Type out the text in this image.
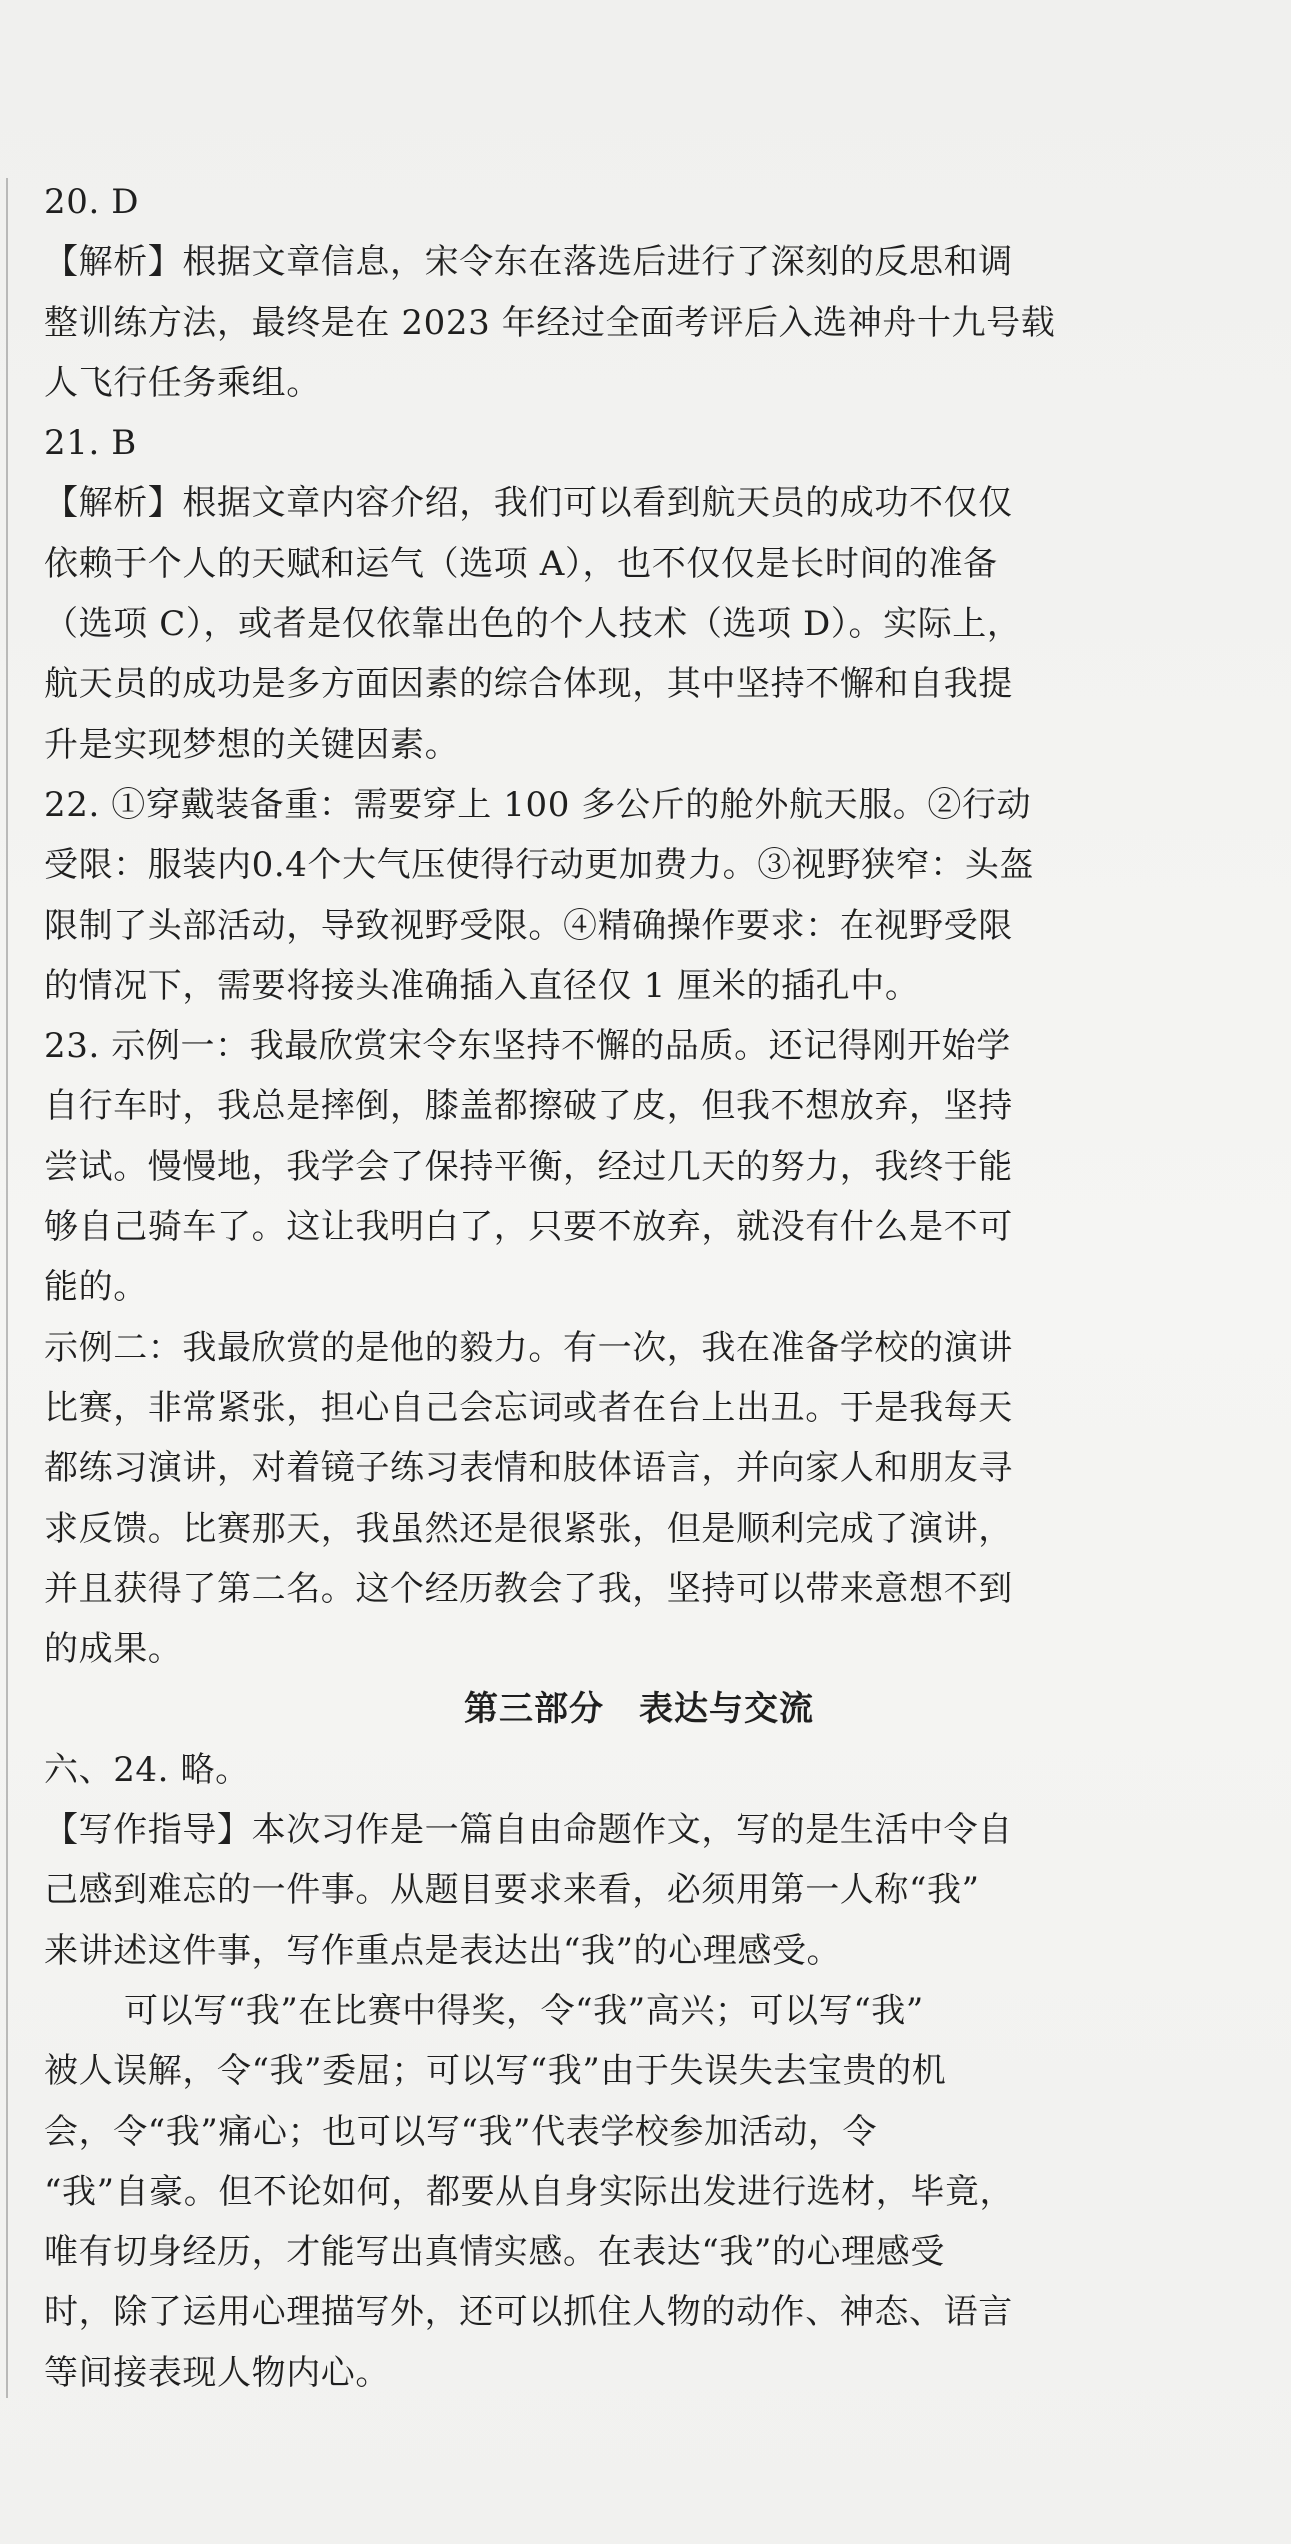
20. D
【解析】根据文章信息，宋令东在落选后进行了深刻的反思和调
整训练方法，最终是在 2023 年经过全面考评后入选神舟十九号载
人飞行任务乘组。
21. B
【解析】根据文章内容介绍，我们可以看到航天员的成功不仅仅
依赖于个人的天赋和运气（选项 A），也不仅仅是长时间的准备
（选项 C），或者是仅依靠出色的个人技术（选项 D）。实际上，
航天员的成功是多方面因素的综合体现，其中坚持不懈和自我提
升是实现梦想的关键因素。
22. ①穿戴装备重：需要穿上 100 多公斤的舱外航天服。②行动
受限：服装内0.4个大气压使得行动更加费力。③视野狭窄：头盔
限制了头部活动，导致视野受限。④精确操作要求：在视野受限
的情况下，需要将接头准确插入直径仅 1 厘米的插孔中。
23. 示例一：我最欣赏宋令东坚持不懈的品质。还记得刚开始学
自行车时，我总是摔倒，膝盖都擦破了皮，但我不想放弃，坚持
尝试。慢慢地，我学会了保持平衡，经过几天的努力，我终于能
够自己骑车了。这让我明白了，只要不放弃，就没有什么是不可
能的。
示例二：我最欣赏的是他的毅力。有一次，我在准备学校的演讲
比赛，非常紧张，担心自己会忘词或者在台上出丑。于是我每天
都练习演讲，对着镜子练习表情和肢体语言，并向家人和朋友寻
求反馈。比赛那天，我虽然还是很紧张，但是顺利完成了演讲，
并且获得了第二名。这个经历教会了我，坚持可以带来意想不到
的成果。
第三部分　表达与交流
六、24. 略。
【写作指导】本次习作是一篇自由命题作文，写的是生活中令自
己感到难忘的一件事。从题目要求来看，必须用第一人称“我”
来讲述这件事，写作重点是表达出“我”的心理感受。
可以写“我”在比赛中得奖，令“我”高兴；可以写“我”
被人误解，令“我”委屈；可以写“我”由于失误失去宝贵的机
会，令“我”痛心；也可以写“我”代表学校参加活动，令
“我”自豪。但不论如何，都要从自身实际出发进行选材，毕竟，
唯有切身经历，才能写出真情实感。在表达“我”的心理感受
时，除了运用心理描写外，还可以抓住人物的动作、神态、语言
等间接表现人物内心。
